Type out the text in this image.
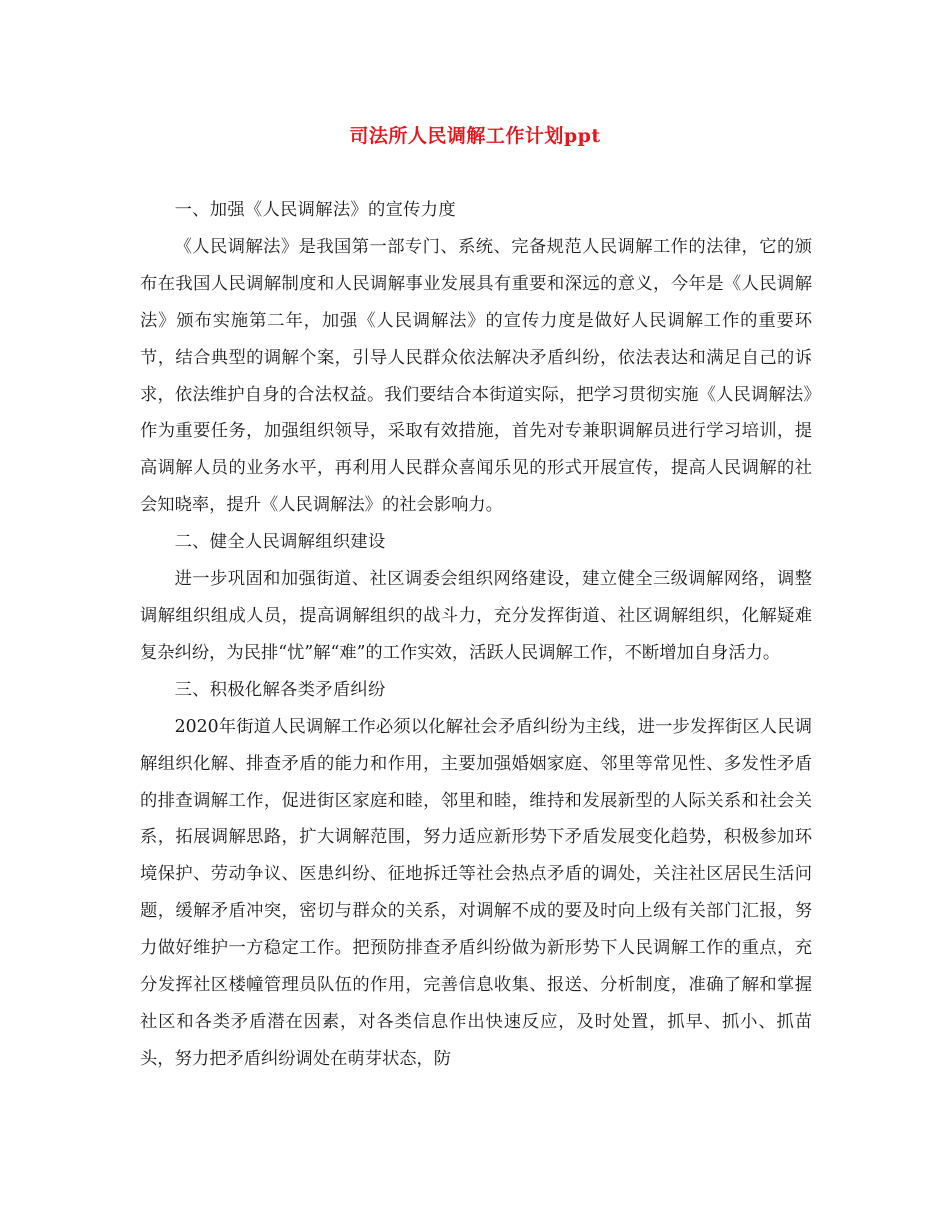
司法所人民调解工作计划ppt

一、加强《人民调解法》的宣传力度

《人民调解法》是我国第一部专门、系统、完备规范人民调解工作的法律，它的颁布在我国人民调解制度和人民调解事业发展具有重要和深远的意义，今年是《人民调解法》颁布实施第二年，加强《人民调解法》的宣传力度是做好人民调解工作的重要环节，结合典型的调解个案，引导人民群众依法解决矛盾纠纷，依法表达和满足自己的诉求，依法维护自身的合法权益。我们要结合本街道实际，把学习贯彻实施《人民调解法》作为重要任务，加强组织领导，采取有效措施，首先对专兼职调解员进行学习培训，提高调解人员的业务水平，再利用人民群众喜闻乐见的形式开展宣传，提高人民调解的社会知晓率，提升《人民调解法》的社会影响力。

二、健全人民调解组织建设

进一步巩固和加强街道、社区调委会组织网络建设，建立健全三级调解网络，调整调解组织组成人员，提高调解组织的战斗力，充分发挥街道、社区调解组织，化解疑难复杂纠纷，为民排“忧”解“难”的工作实效，活跃人民调解工作，不断增加自身活力。

三、积极化解各类矛盾纠纷

2020年街道人民调解工作必须以化解社会矛盾纠纷为主线，进一步发挥街区人民调解组织化解、排查矛盾的能力和作用，主要加强婚姻家庭、邻里等常见性、多发性矛盾的排查调解工作，促进街区家庭和睦，邻里和睦，维持和发展新型的人际关系和社会关系，拓展调解思路，扩大调解范围，努力适应新形势下矛盾发展变化趋势，积极参加环境保护、劳动争议、医患纠纷、征地拆迁等社会热点矛盾的调处，关注社区居民生活问题，缓解矛盾冲突，密切与群众的关系，对调解不成的要及时向上级有关部门汇报，努力做好维护一方稳定工作。把预防排查矛盾纠纷做为新形势下人民调解工作的重点，充分发挥社区楼幢管理员队伍的作用，完善信息收集、报送、分析制度，准确了解和掌握社区和各类矛盾潜在因素，对各类信息作出快速反应，及时处置，抓早、抓小、抓苗头，努力把矛盾纠纷调处在萌芽状态，防
